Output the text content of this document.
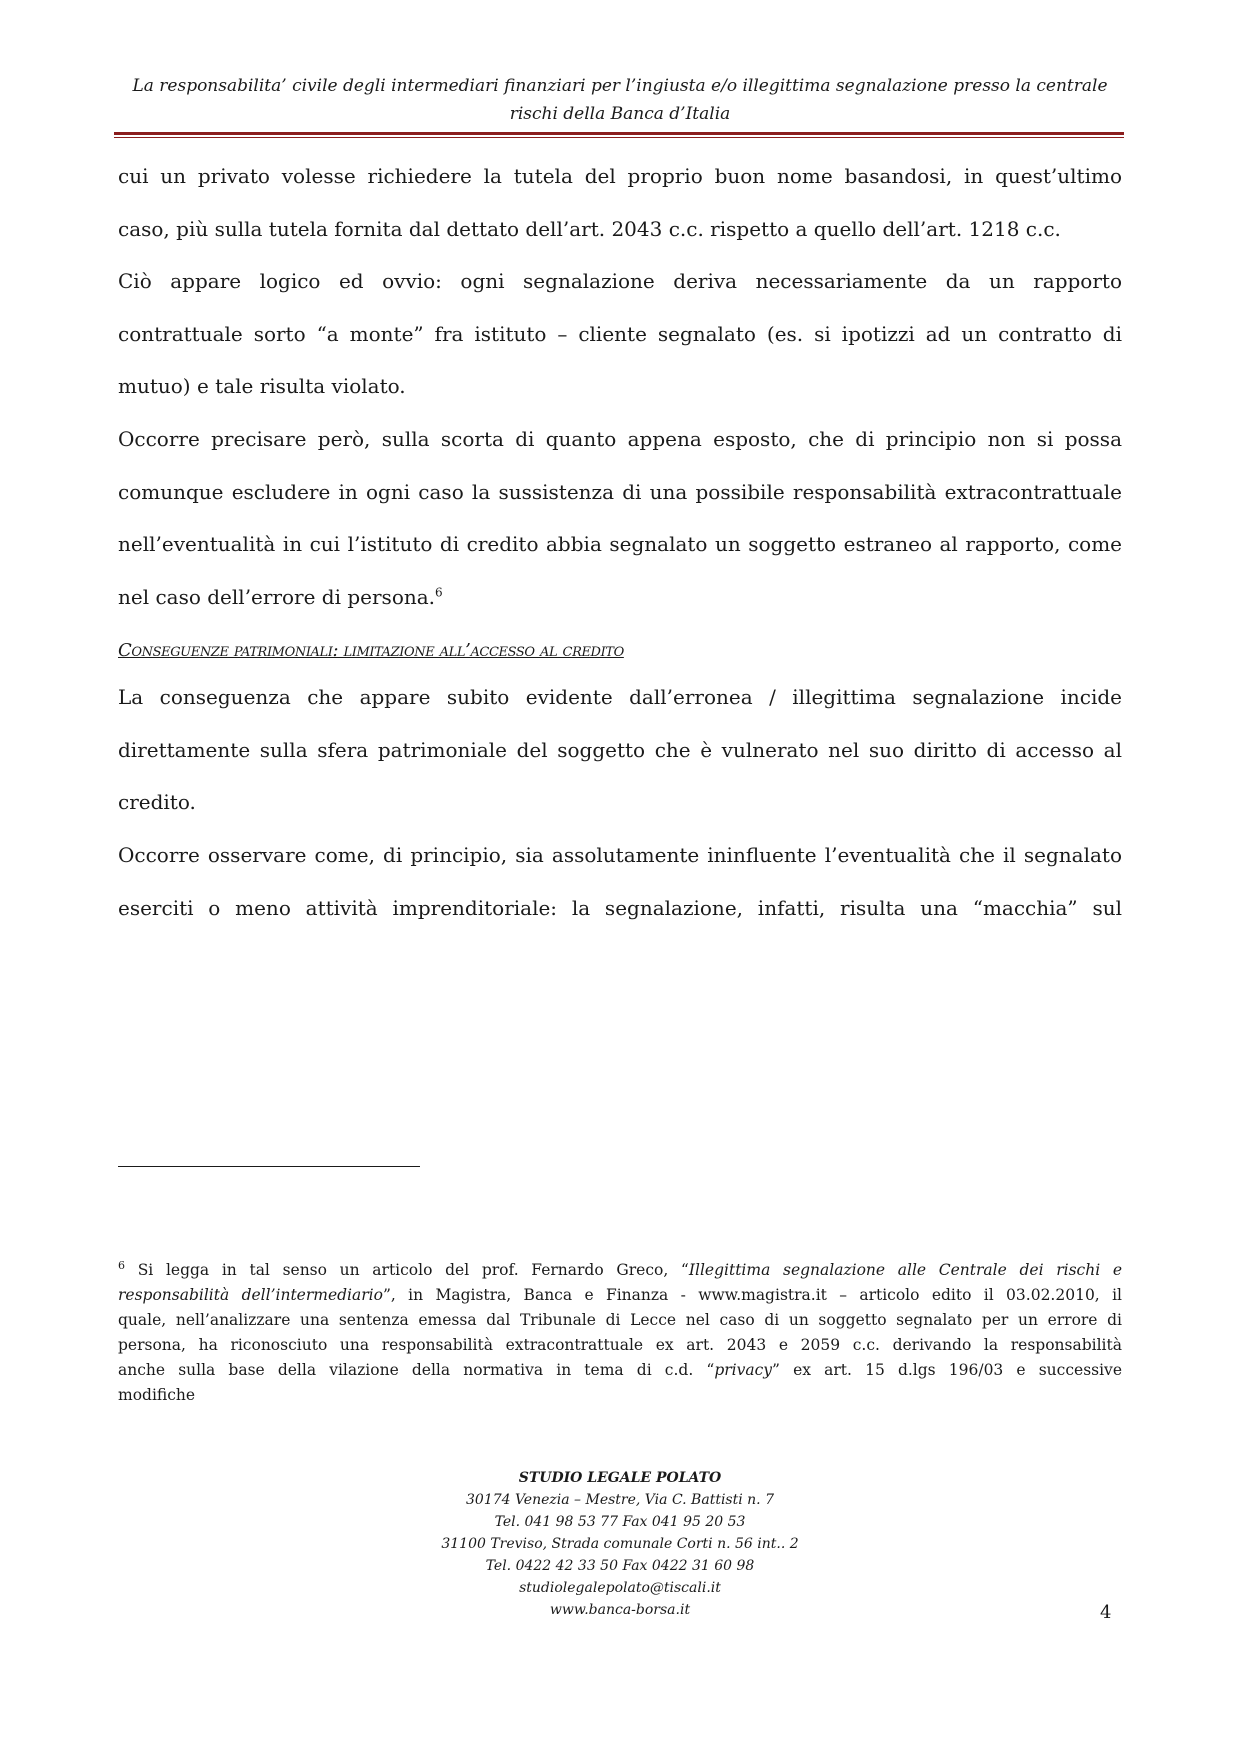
La responsabilita’ civile degli intermediari finanziari per l’ingiusta e/o illegittima segnalazione presso la centrale
rischi della Banca d’Italia
cui un privato volesse richiedere la tutela del proprio buon nome basandosi, in quest’ultimo
caso, più sulla tutela fornita dal dettato dell’art. 2043 c.c. rispetto a quello dell’art. 1218 c.c.
Ciò appare logico ed ovvio: ogni segnalazione deriva necessariamente da un rapporto
contrattuale sorto “a monte” fra istituto – cliente segnalato (es. si ipotizzi ad un contratto di
mutuo) e tale risulta violato.
Occorre precisare però, sulla scorta di quanto appena esposto, che di principio non si possa
comunque escludere in ogni caso la sussistenza di una possibile responsabilità extracontrattuale
nell’eventualità in cui l’istituto di credito abbia segnalato un soggetto estraneo al rapporto, come
nel caso dell’errore di persona.$^6$
Conseguenze patrimoniali: limitazione all’accesso al credito
La conseguenza che appare subito evidente dall’erronea / illegittima segnalazione incide
direttamente sulla sfera patrimoniale del soggetto che è vulnerato nel suo diritto di accesso al
credito.
Occorre osservare come, di principio, sia assolutamente ininfluente l’eventualità che il segnalato
eserciti o meno attività imprenditoriale: la segnalazione, infatti, risulta una “macchia” sul
$^6$ Si legga in tal senso un articolo del prof. Fernardo Greco, “Illegittima segnalazione alle Centrale dei rischi e
responsabilità dell’intermediario”, in Magistra, Banca e Finanza - www.magistra.it – articolo edito il 03.02.2010, il
quale, nell’analizzare una sentenza emessa dal Tribunale di Lecce nel caso di un soggetto segnalato per un errore di
persona, ha riconosciuto una responsabilità extracontrattuale ex art. 2043 e 2059 c.c. derivando la responsabilità
anche sulla base della vilazione della normativa in tema di c.d. “privacy” ex art. 15 d.lgs 196/03 e successive
modifiche
STUDIO LEGALE POLATO
30174 Venezia – Mestre, Via C. Battisti n. 7
Tel. 041 98 53 77 Fax 041 95 20 53
31100 Treviso, Strada comunale Corti n. 56 int.. 2
Tel. 0422 42 33 50 Fax 0422 31 60 98
studiolegalepolato@tiscali.it
www.banca-borsa.it	4
